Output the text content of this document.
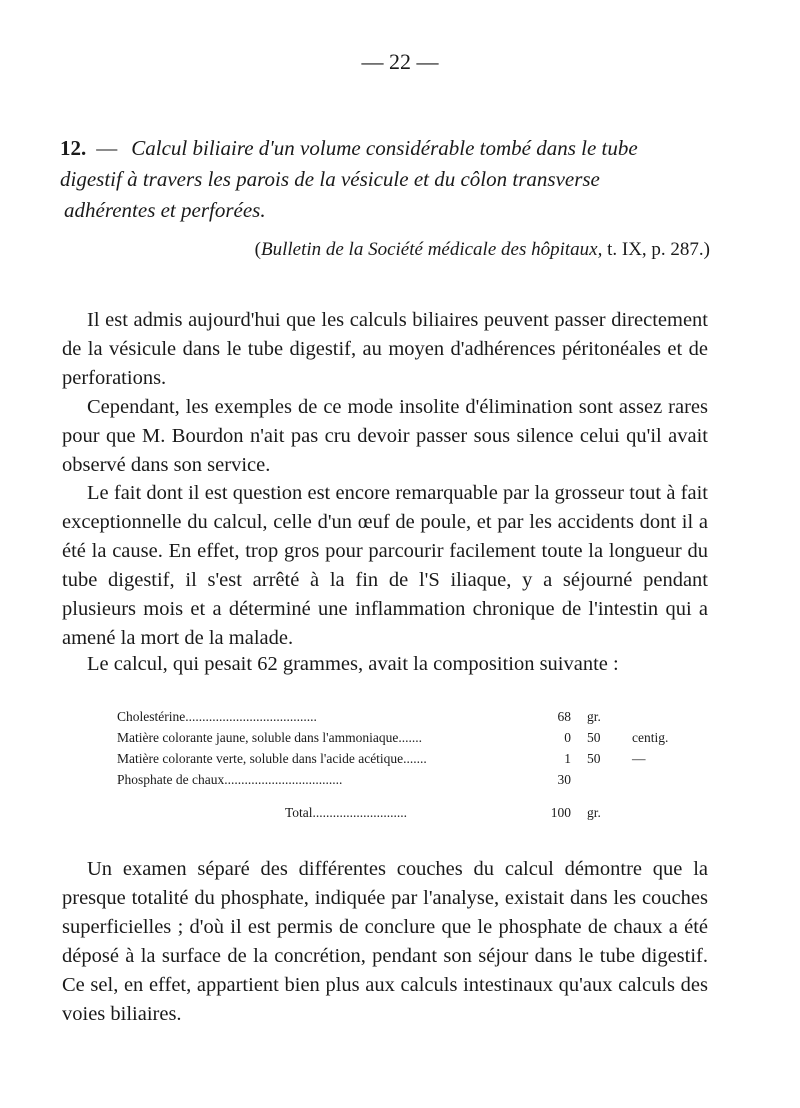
— 22 —
12. — Calcul biliaire d'un volume considérable tombé dans le tube
digestif à travers les parois de la vésicule et du côlon transverse
adhérentes et perforées.
(Bulletin de la Société médicale des hôpitaux, t. IX, p. 287.)

Il est admis aujourd'hui que les calculs biliaires peuvent passer directement de la vésicule dans le tube digestif, au moyen d'adhérences péritonéales et de perforations.

Cependant, les exemples de ce mode insolite d'élimination sont assez rares pour que M. Bourdon n'ait pas cru devoir passer sous silence celui qu'il avait observé dans son service.

Le fait dont il est question est encore remarquable par la grosseur tout à fait exceptionnelle du calcul, celle d'un œuf de poule, et par les accidents dont il a été la cause. En effet, trop gros pour parcourir facilement toute la longueur du tube digestif, il s'est arrêté à la fin de l'S iliaque, y a séjourné pendant plusieurs mois et a déterminé une inflammation chronique de l'intestin qui a amené la mort de la malade.

Le calcul, qui pesait 62 grammes, avait la composition suivante :

Cholestérine.......................................	68 gr.
Matière colorante jaune, soluble dans l'ammoniaque.......	0 50 centig.
Matière colorante verte, soluble dans l'acide acétique.......	1 50 —
Phosphate de chaux...................................	30
Total............................	100 gr.

Un examen séparé des différentes couches du calcul démontre que la presque totalité du phosphate, indiquée par l'analyse, existait dans les couches superficielles ; d'où il est permis de conclure que le phosphate de chaux a été déposé à la surface de la concrétion, pendant son séjour dans le tube digestif. Ce sel, en effet, appartient bien plus aux calculs intestinaux qu'aux calculs des voies biliaires.
